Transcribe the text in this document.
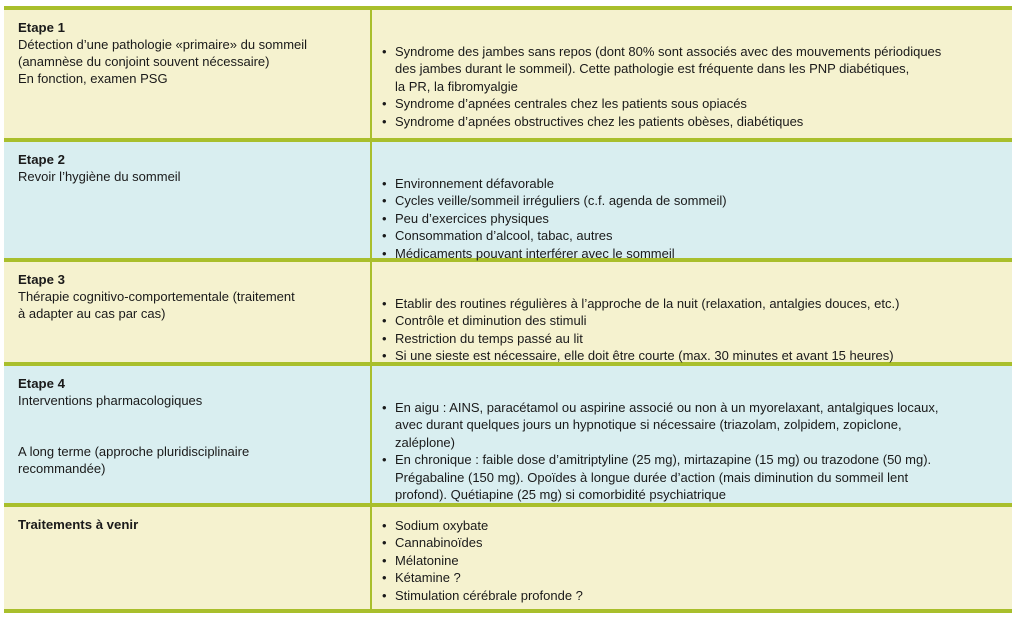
Etape 1
Détection d’une pathologie «primaire» du sommeil
(anamnèse du conjoint souvent nécessaire)
En fonction, examen PSG
• Syndrome des jambes sans repos (dont 80% sont associés avec des mouvements périodiques
des jambes durant le sommeil). Cette pathologie est fréquente dans les PNP diabétiques,
la PR, la fibromyalgie
• Syndrome d’apnées centrales chez les patients sous opiacés
• Syndrome d’apnées obstructives chez les patients obèses, diabétiques
Etape 2
Revoir l’hygiène du sommeil	• Environnement défavorable
• Cycles veille/sommeil irréguliers (c.f. agenda de sommeil)
• Peu d’exercices physiques
• Consommation d’alcool, tabac, autres
• Médicaments pouvant interférer avec le sommeil
Etape 3
Thérapie cognitivo-comportementale (traitement
à adapter au cas par cas)
• Etablir des routines régulières à l’approche de la nuit (relaxation, antalgies douces, etc.)
• Contrôle et diminution des stimuli
• Restriction du temps passé au lit
• Si une sieste est nécessaire, elle doit être courte (max. 30 minutes et avant 15 heures)
Etape 4
Interventions pharmacologiques
A long terme (approche pluridisciplinaire
recommandée)
• En aigu : AINS, paracétamol ou aspirine associé ou non à un myorelaxant, antalgiques locaux,
avec durant quelques jours un hypnotique si nécessaire (triazolam, zolpidem, zopiclone,
zaléplone)
• En chronique : faible dose d’amitriptyline (25 mg), mirtazapine (15 mg) ou trazodone (50 mg).
Prégabaline (150 mg). Opoïdes à longue durée d’action (mais diminution du sommeil lent
profond). Quétiapine (25 mg) si comorbidité psychiatrique
Traitements à venir	• Sodium oxybate
• Cannabinoïdes
• Mélatonine
• Kétamine ?
• Stimulation cérébrale profonde ?
